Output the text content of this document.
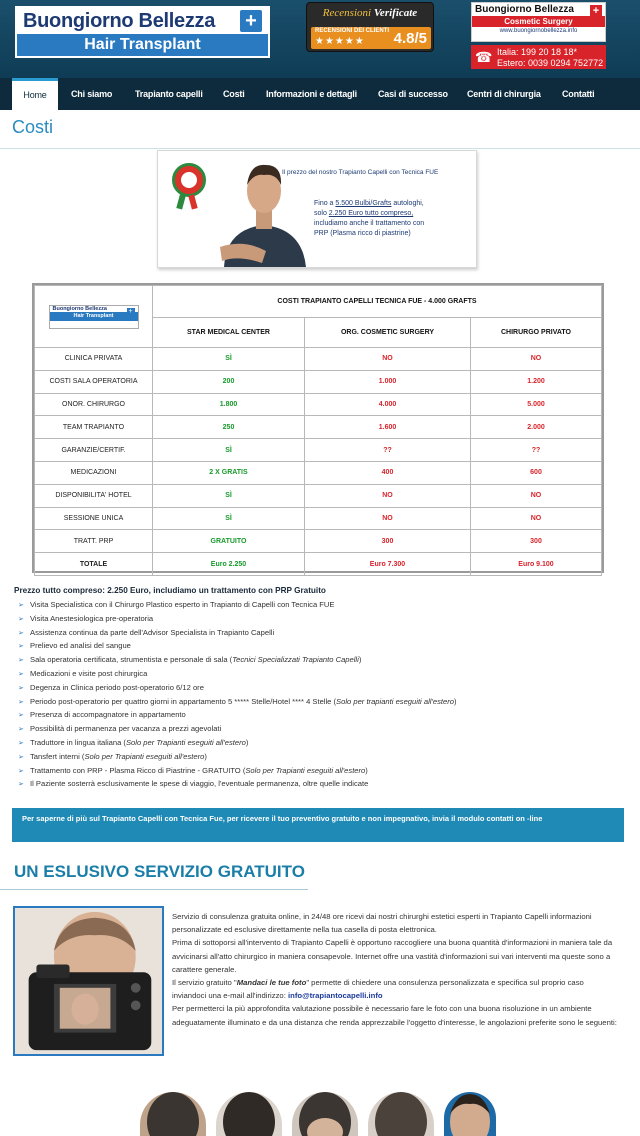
Buongiorno Bellezza
Hair Transplant
+	Recensioni Verificate
RECENSIONI DEI CLIENTI
★★★★★ 4.8/5
Buongiorno Bellezza
Cosmetic Surgery
www.buongiornobellezza.info
+
☎ Italia: 199 20 18 18*
Estero: 0039 0294 752772
Home	Chi siamo	Trapianto capelli Costi Informazioni e dettagli Casi di successo Centri di chirurgia Contatti
Costi
Il prezzo del nostro Trapianto Capelli con Tecnica FUE
Fino a 5.500 Bulbi/Grafts autologhi,
solo 2.250 Euro tutto compreso,
includiamo anche il trattamento con
PRP (Plasma ricco di piastrine)
Buongiorno Bellezza
Hair Transplant
+	COSTI TRAPIANTO CAPELLI TECNICA FUE - 4.000 GRAFTS		
	STAR MEDICAL CENTER	ORG. COSMETIC SURGERY	CHIRURGO PRIVATO
CLINICA PRIVATA	SÌ	NO	NO
COSTI SALA OPERATORIA	200	1.000	1.200
ONOR. CHIRURGO	1.800	4.000	5.000
TEAM TRAPIANTO	250	1.600	2.000
GARANZIE/CERTIF.	SÌ	??	??
MEDICAZIONI	2 X GRATIS	400	600
DISPONIBILITA' HOTEL	SÌ	NO	NO
SESSIONE UNICA	SÌ	NO	NO
TRATT. PRP	GRATUITO	300	300
TOTALE	Euro 2.250	Euro 7.300	Euro 9.100
Prezzo tutto compreso: 2.250 Euro, includiamo un trattamento con PRP Gratuito
➢ Visita Specialistica con il Chirurgo Plastico esperto in Trapianto di Capelli con Tecnica FUE
➢ Visita Anestesiologica pre-operatoria
➢ Assistenza continua da parte dell'Advisor Specialista in Trapianto Capelli
➢ Prelievo ed analisi del sangue
➢ Sala operatoria certificata, strumentista e personale di sala (Tecnici Specializzati Trapianto Capelli)
➢ Medicazioni e visite post chirurgica
➢ Degenza in Clinica periodo post-operatorio 6/12 ore
➢ Periodo post-operatorio per quattro giorni in appartamento 5 ***** Stelle/Hotel **** 4 Stelle (Solo per trapianti eseguiti all'estero)
➢ Presenza di accompagnatore in appartamento
➢ Possibilità di permanenza per vacanza a prezzi agevolati
➢ Traduttore in lingua italiana (Solo per Trapianti eseguiti all'estero)
➢ Tansfert interni (Solo per Trapianti eseguiti all'estero)
➢ Trattamento con PRP - Plasma Ricco di Piastrine - GRATUITO (Solo per Trapianti eseguiti all'estero)
➢ Il Paziente sosterrà esclusivamente le spese di viaggio, l'eventuale permanenza, oltre quelle indicate
Per saperne di più sul Trapianto Capelli con Tecnica Fue, per ricevere il tuo preventivo gratuito e non impegnativo, invia il modulo contatti on -line
UN ESLUSIVO SERVIZIO GRATUITO
Servizio di consulenza gratuita online, in 24/48 ore ricevi dai nostri chirurghi estetici esperti in Trapianto Capelli informazioni personalizzate ed esclusive direttamente nella tua casella di posta elettronica.
Prima di sottoporsi all'intervento di Trapianto Capelli è opportuno raccogliere una buona quantità d'informazioni in maniera tale da avvicinarsi all'atto chirurgico in maniera consapevole. Internet offre una vastità d'informazioni sui vari interventi ma queste sono a carattere generale.
Il servizio gratuito "Mandaci le tue foto" permette di chiedere una consulenza personalizzata e specifica sul proprio caso inviandoci una e-mail all'indirizzo: info@trapiantocapelli.info
Per permetterci la più approfondita valutazione possibile è necessario fare le foto con una buona risoluzione in un ambiente adeguatamente illuminato e da una distanza che renda apprezzabile l'oggetto d'interesse, le angolazioni preferite sono le seguenti:
